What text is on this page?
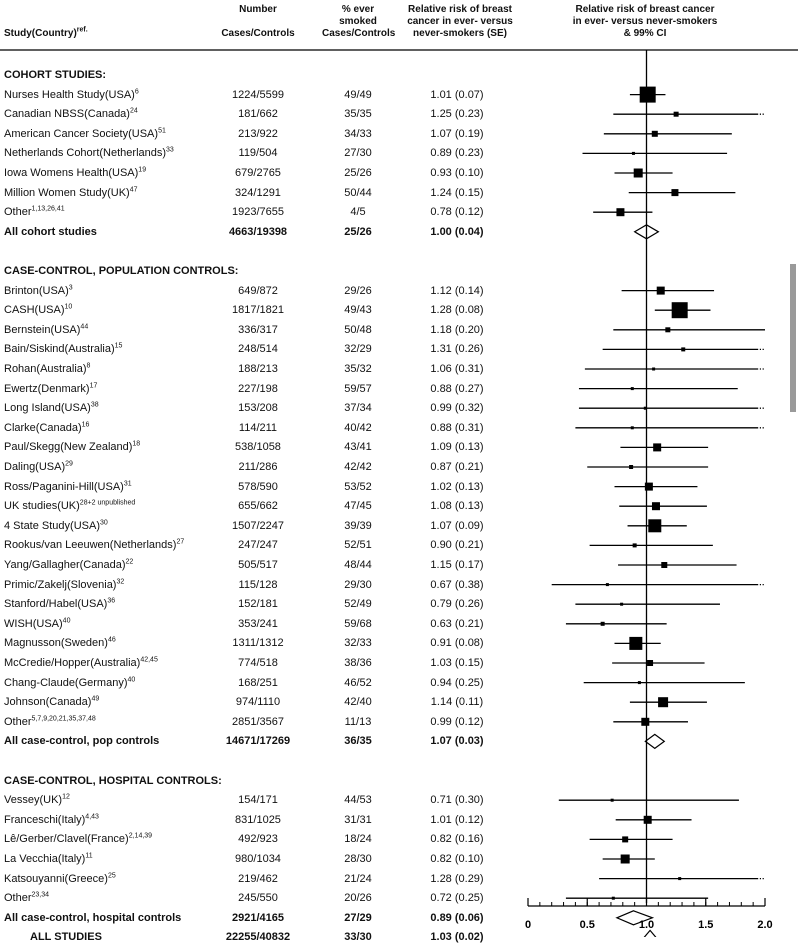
Study(Country)$^{ref.}$
Number
Cases/Controls
% ever
smoked
Cases/Controls
Relative risk of breast
cancer in ever- versus
never-smokers (SE)
Relative risk of breast cancer
in ever- versus never-smokers
& 99% CI
COHORT STUDIES:
Nurses Health Study(USA)$^6$	1224/5599	49/49	1.01 (0.07)
Canadian NBSS(Canada)$^{24}$	181/662	35/35	1.25 (0.23)
American Cancer Society(USA)$^{51}$	213/922	34/33	1.07 (0.19)
Netherlands Cohort(Netherlands)$^{33}$	119/504	27/30	0.89 (0.23)
Iowa Womens Health(USA)$^{19}$	679/2765	25/26	0.93 (0.10)
Million Women Study(UK)$^{47}$	324/1291	50/44	1.24 (0.15)
Other$^{1,13,26,41}$	1923/7655	4/5	0.78 (0.12)
All cohort studies	4663/19398	25/26	1.00 (0.04)
CASE-CONTROL, POPULATION CONTROLS:
Brinton(USA)$^3$	649/872	29/26	1.12 (0.14)
CASH(USA)$^{10}$	1817/1821	49/43	1.28 (0.08)
Bernstein(USA)$^{44}$	336/317	50/48	1.18 (0.20)
Bain/Siskind(Australia)$^{15}$	248/514	32/29	1.31 (0.26)
Rohan(Australia)$^8$	188/213	35/32	1.06 (0.31)
Ewertz(Denmark)$^{17}$	227/198	59/57	0.88 (0.27)
Long Island(USA)$^{38}$	153/208	37/34	0.99 (0.32)
Clarke(Canada)$^{16}$	114/211	40/42	0.88 (0.31)
Paul/Skegg(New Zealand)$^{18}$	538/1058	43/41	1.09 (0.13)
Daling(USA)$^{29}$	211/286	42/42	0.87 (0.21)
Ross/Paganini-Hill(USA)$^{31}$	578/590	53/52	1.02 (0.13)
UK studies(UK)$^{28+2 unpublished}$	655/662	47/45	1.08 (0.13)
4 State Study(USA)$^{30}$	1507/2247	39/39	1.07 (0.09)
Rookus/van Leeuwen(Netherlands)$^{27}$	247/247	52/51	0.90 (0.21)
Yang/Gallagher(Canada)$^{22}$	505/517	48/44	1.15 (0.17)
Primic/Zakelj(Slovenia)$^{32}$	115/128	29/30	0.67 (0.38)
Stanford/Habel(USA)$^{36}$	152/181	52/49	0.79 (0.26)
WISH(USA)$^{40}$	353/241	59/68	0.63 (0.21)
Magnusson(Sweden)$^{46}$	1311/1312	32/33	0.91 (0.08)
McCredie/Hopper(Australia)$^{42,45}$	774/518	38/36	1.03 (0.15)
Chang-Claude(Germany)$^{40}$	168/251	46/52	0.94 (0.25)
Johnson(Canada)$^{49}$	974/1110	42/40	1.14 (0.11)
Other$^{5,7,9,20,21,35,37,48}$	2851/3567	11/13	0.99 (0.12)
All case-control, pop controls	14671/17269	36/35	1.07 (0.03)
CASE-CONTROL, HOSPITAL CONTROLS:
Vessey(UK)$^{12}$	154/171	44/53	0.71 (0.30)
Franceschi(Italy)$^{4,43}$	831/1025	31/31	1.01 (0.12)
Lê/Gerber/Clavel(France)$^{2,14,39}$	492/923	18/24	0.82 (0.16)
La Vecchia(Italy)$^{11}$	980/1034	28/30	0.82 (0.10)
Katsouyanni(Greece)$^{25}$	219/462	21/24	1.28 (0.29)
Other$^{23,34}$	245/550	20/26	0.72 (0.25)
All case-control, hospital controls	2921/4165	27/29	0.89 (0.06)
ALL STUDIES	22255/40832	33/30	1.03 (0.02)
0	0.5	1.0	1.5	2.0
